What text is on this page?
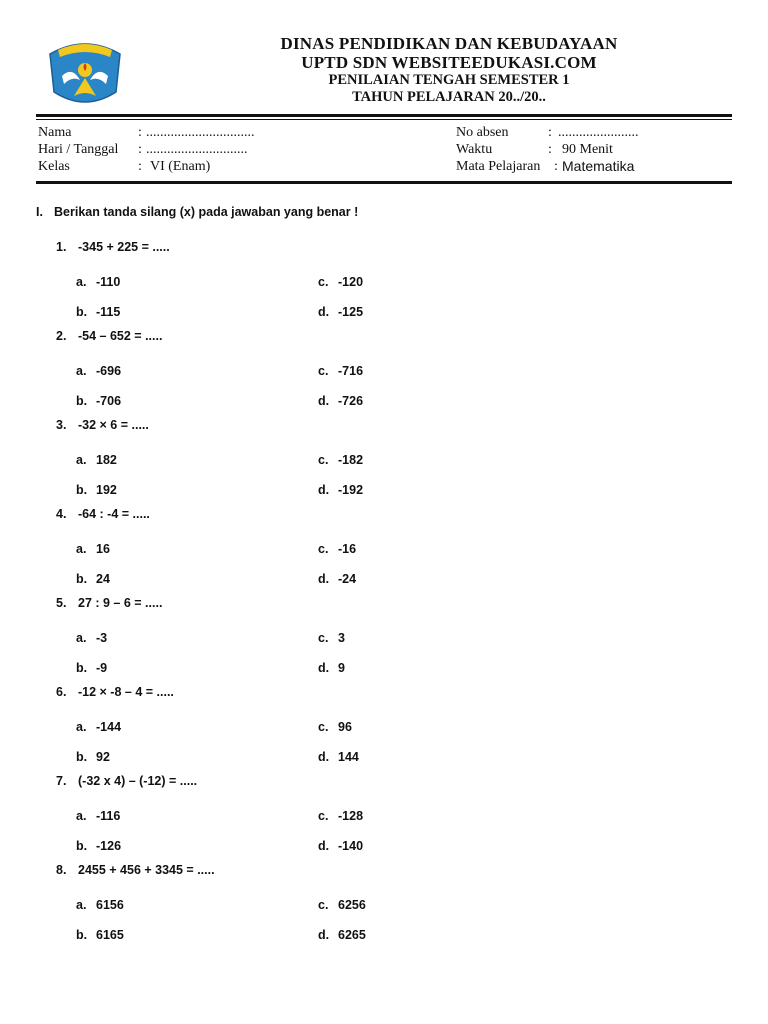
DINAS PENDIDIKAN DAN KEBUDAYAAN
UPTD SDN WEBSITEEDUKASI.COM
PENILAIAN TENGAH SEMESTER 1
TAHUN PELAJARAN 20../20..
Nama	: ...............................
Hari / Tanggal	: .............................
Kelas	: VI (Enam)
No absen	: .......................
Waktu	: 90 Menit
Mata Pelajaran : Matematika
I. Berikan tanda silang (x) pada jawaban yang benar !
1. -345 + 225 = .....
a. -110
b. -115
c. -120
d. -125
2. -54 – 652 = .....
a. -696
b. -706
c. -716
d. -726
3. -32 × 6 = .....
a. 182
b. 192
c. -182
d. -192
4. -64 : -4 = .....
a. 16
b. 24
c. -16
d. -24
5. 27 : 9 – 6 = .....
a. -3
b. -9
c. 3
d. 9
6. -12 × -8 – 4 = .....
a. -144
b. 92
c. 96
d. 144
7. (-32 x 4) – (-12) = .....
a. -116
b. -126
c. -128
d. -140
8. 2455 + 456 + 3345 = .....
a. 6156
b. 6165
c. 6256
d. 6265
